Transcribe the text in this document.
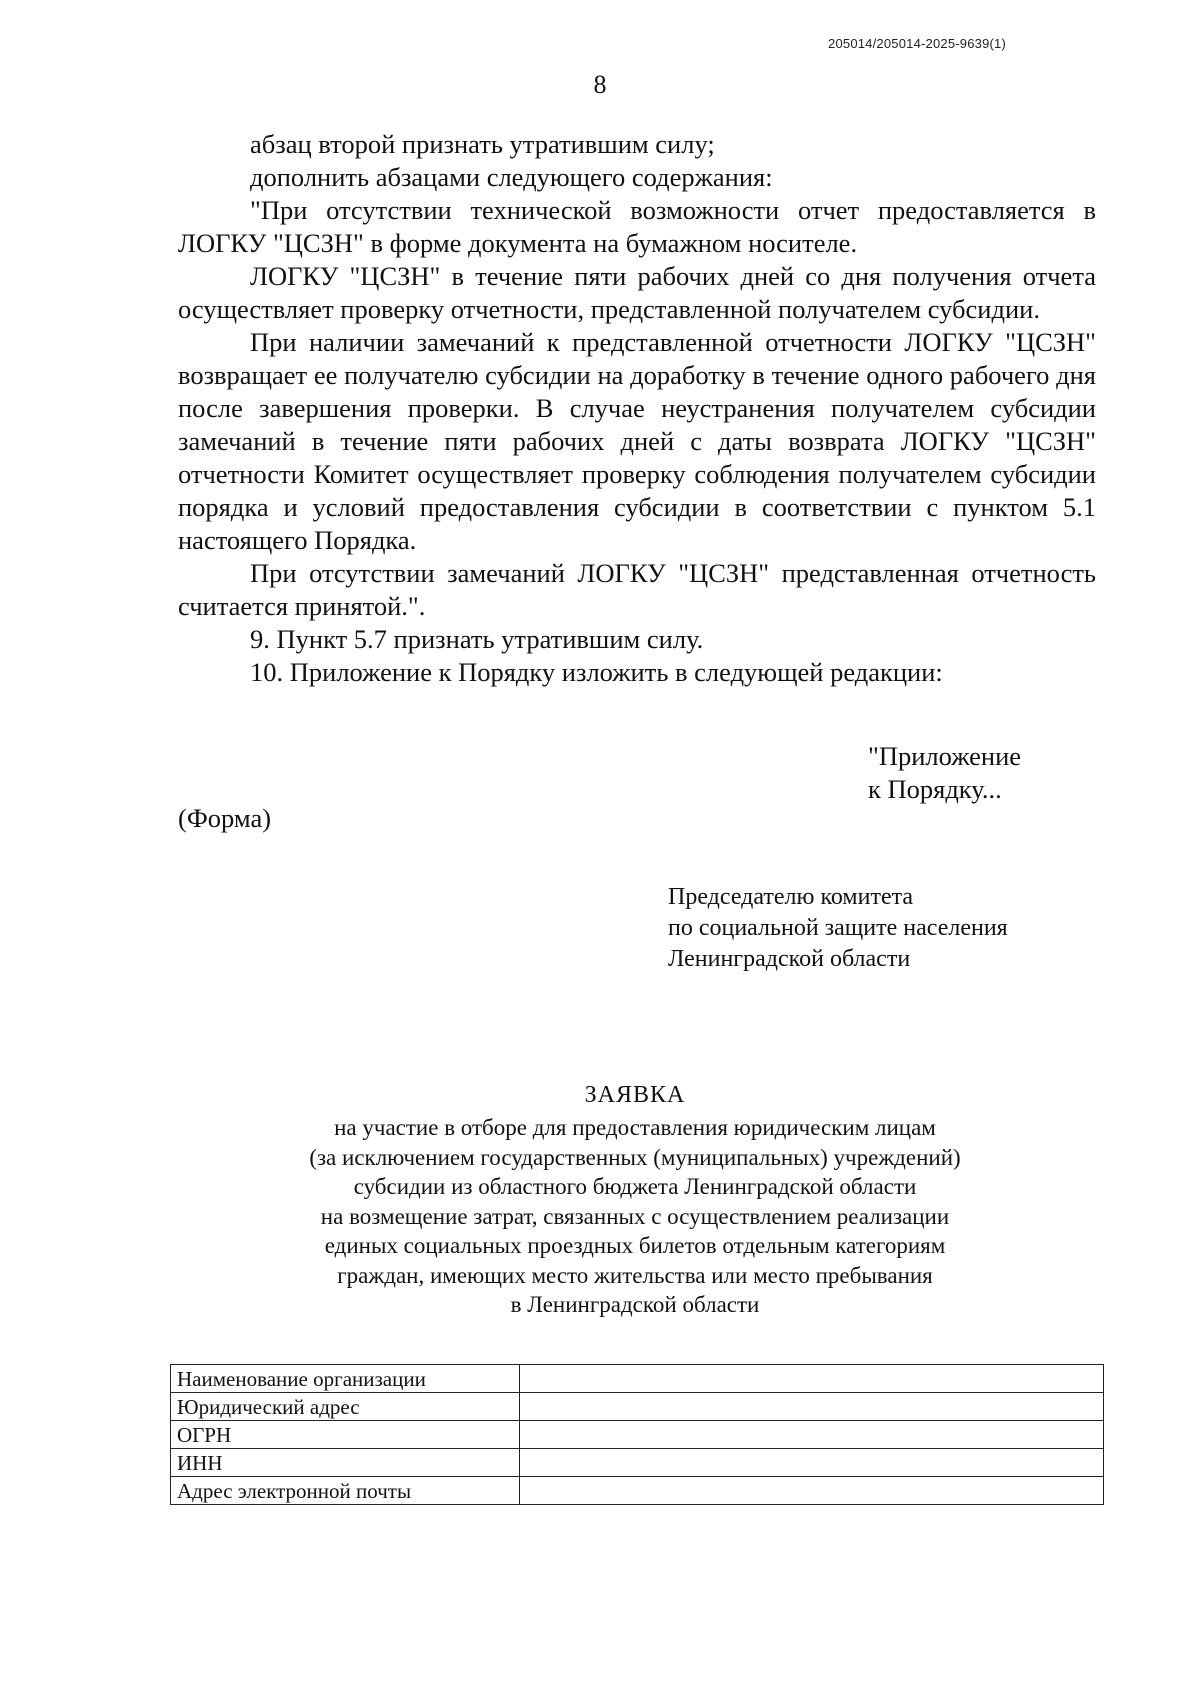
205014/205014-2025-9639(1)
8

абзац второй признать утратившим силу;

дополнить абзацами следующего содержания:

"При отсутствии технической возможности отчет предоставляется в ЛОГКУ "ЦСЗН" в форме документа на бумажном носителе.

ЛОГКУ "ЦСЗН" в течение пяти рабочих дней со дня получения отчета осуществляет проверку отчетности, представленной получателем субсидии.

При наличии замечаний к представленной отчетности ЛОГКУ "ЦСЗН" возвращает ее получателю субсидии на доработку в течение одного рабочего дня после завершения проверки. В случае неустранения получателем субсидии замечаний в течение пяти рабочих дней с даты возврата ЛОГКУ "ЦСЗН" отчетности Комитет осуществляет проверку соблюдения получателем субсидии порядка и условий предоставления субсидии в соответствии с пунктом 5.1 настоящего Порядка.

При отсутствии замечаний ЛОГКУ "ЦСЗН" представленная отчетность считается принятой.".

9. Пункт 5.7 признать утратившим силу.

10. Приложение к Порядку изложить в следующей редакции:

"Приложение
к Порядку...
(Форма)
Председателю комитета
по социальной защите населения
Ленинградской области
ЗАЯВКА
на участие в отборе для предоставления юридическим лицам
(за исключением государственных (муниципальных) учреждений)
субсидии из областного бюджета Ленинградской области
на возмещение затрат, связанных с осуществлением реализации
единых социальных проездных билетов отдельным категориям
граждан, имеющих место жительства или место пребывания
в Ленинградской области
Наименование организации	
Юридический адрес	
ОГРН	
ИНН	
Адрес электронной почты	
